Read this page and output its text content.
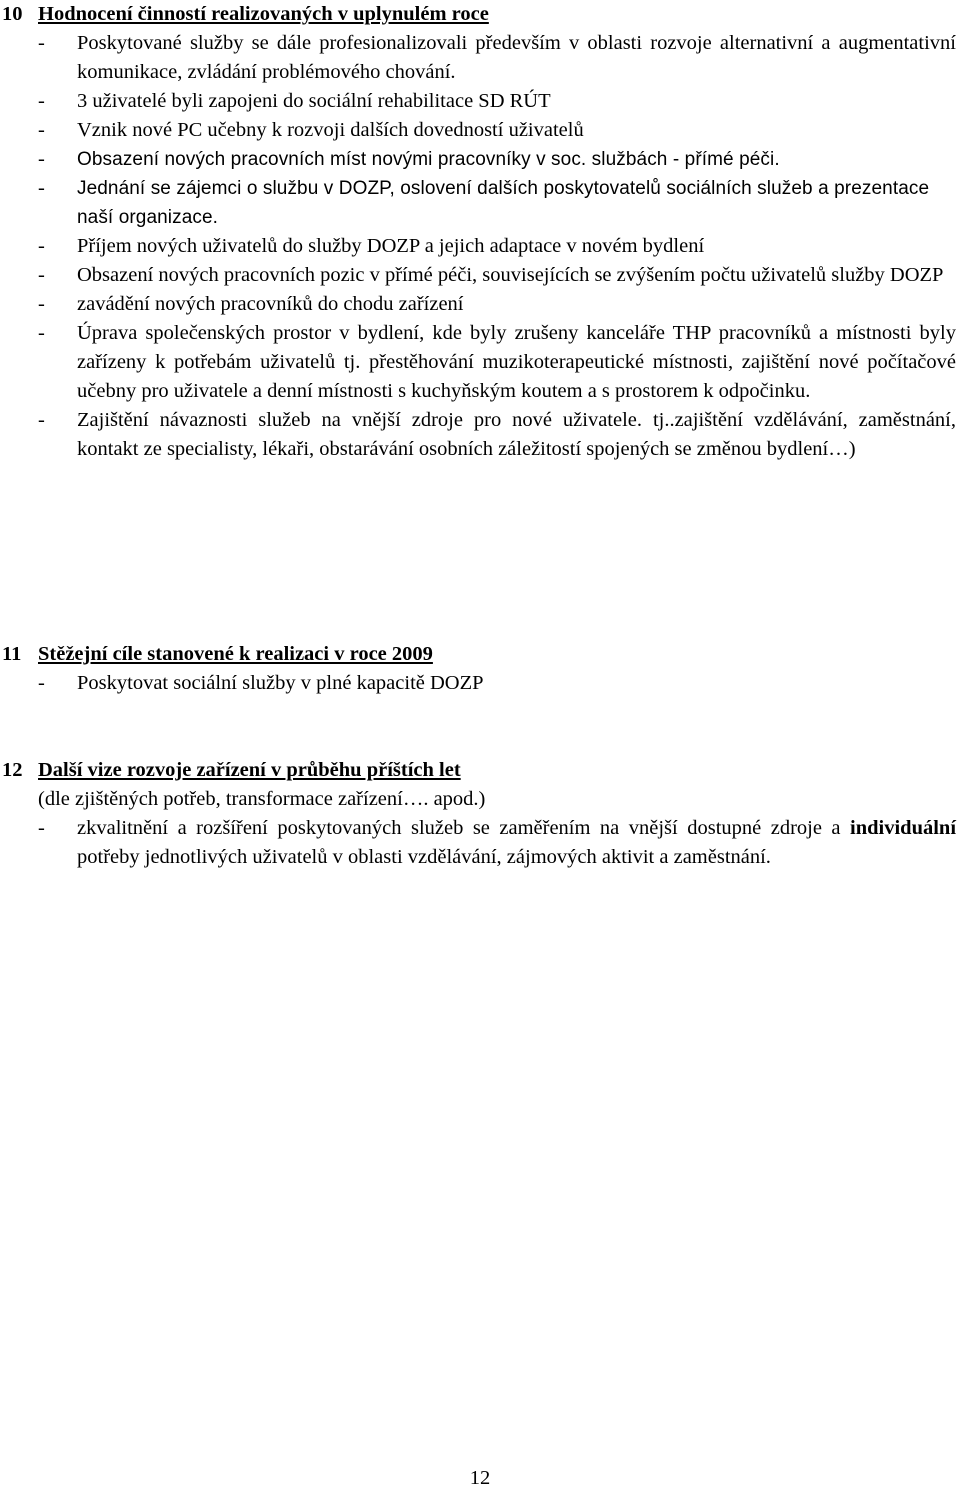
10 Hodnocení činností realizovaných v uplynulém roce
- Poskytované služby se dále profesionalizovali především v oblasti rozvoje alternativní a augmentativní komunikace, zvládání problémového chování.
- 3 uživatelé byli zapojeni do sociální rehabilitace SD RÚT
- Vznik nové PC učebny k rozvoji dalších dovedností uživatelů
- Obsazení nových pracovních míst novými pracovníky v soc. službách - přímé péči.
- Jednání se zájemci o službu v DOZP, oslovení dalších poskytovatelů sociálních služeb a prezentace naší organizace.
- Příjem nových uživatelů do služby DOZP a jejich adaptace v novém bydlení
- Obsazení nových pracovních pozic v přímé péči, souvisejících se zvýšením počtu uživatelů služby DOZP
- zavádění nových pracovníků do chodu zařízení
- Úprava společenských prostor v bydlení, kde byly zrušeny kanceláře THP pracovníků a místnosti byly zařízeny k potřebám uživatelů tj. přestěhování muzikoterapeutické místnosti, zajištění nové počítačové učebny pro uživatele a denní místnosti s kuchyňským koutem a s prostorem k odpočinku.
- Zajištění návaznosti služeb na vnější zdroje pro nové uživatele. tj..zajištění vzdělávání, zaměstnání, kontakt ze specialisty, lékaři, obstarávání osobních záležitostí spojených se změnou bydlení…)
11 Stěžejní cíle stanovené k realizaci v roce 2009
- Poskytovat sociální služby v plné kapacitě DOZP
12 Další vize rozvoje zařízení v průběhu příštích let
(dle zjištěných potřeb, transformace zařízení…. apod.)
- zkvalitnění a rozšíření poskytovaných služeb se zaměřením na vnější dostupné zdroje a individuální potřeby jednotlivých uživatelů v oblasti vzdělávání, zájmových aktivit a zaměstnání.
12
